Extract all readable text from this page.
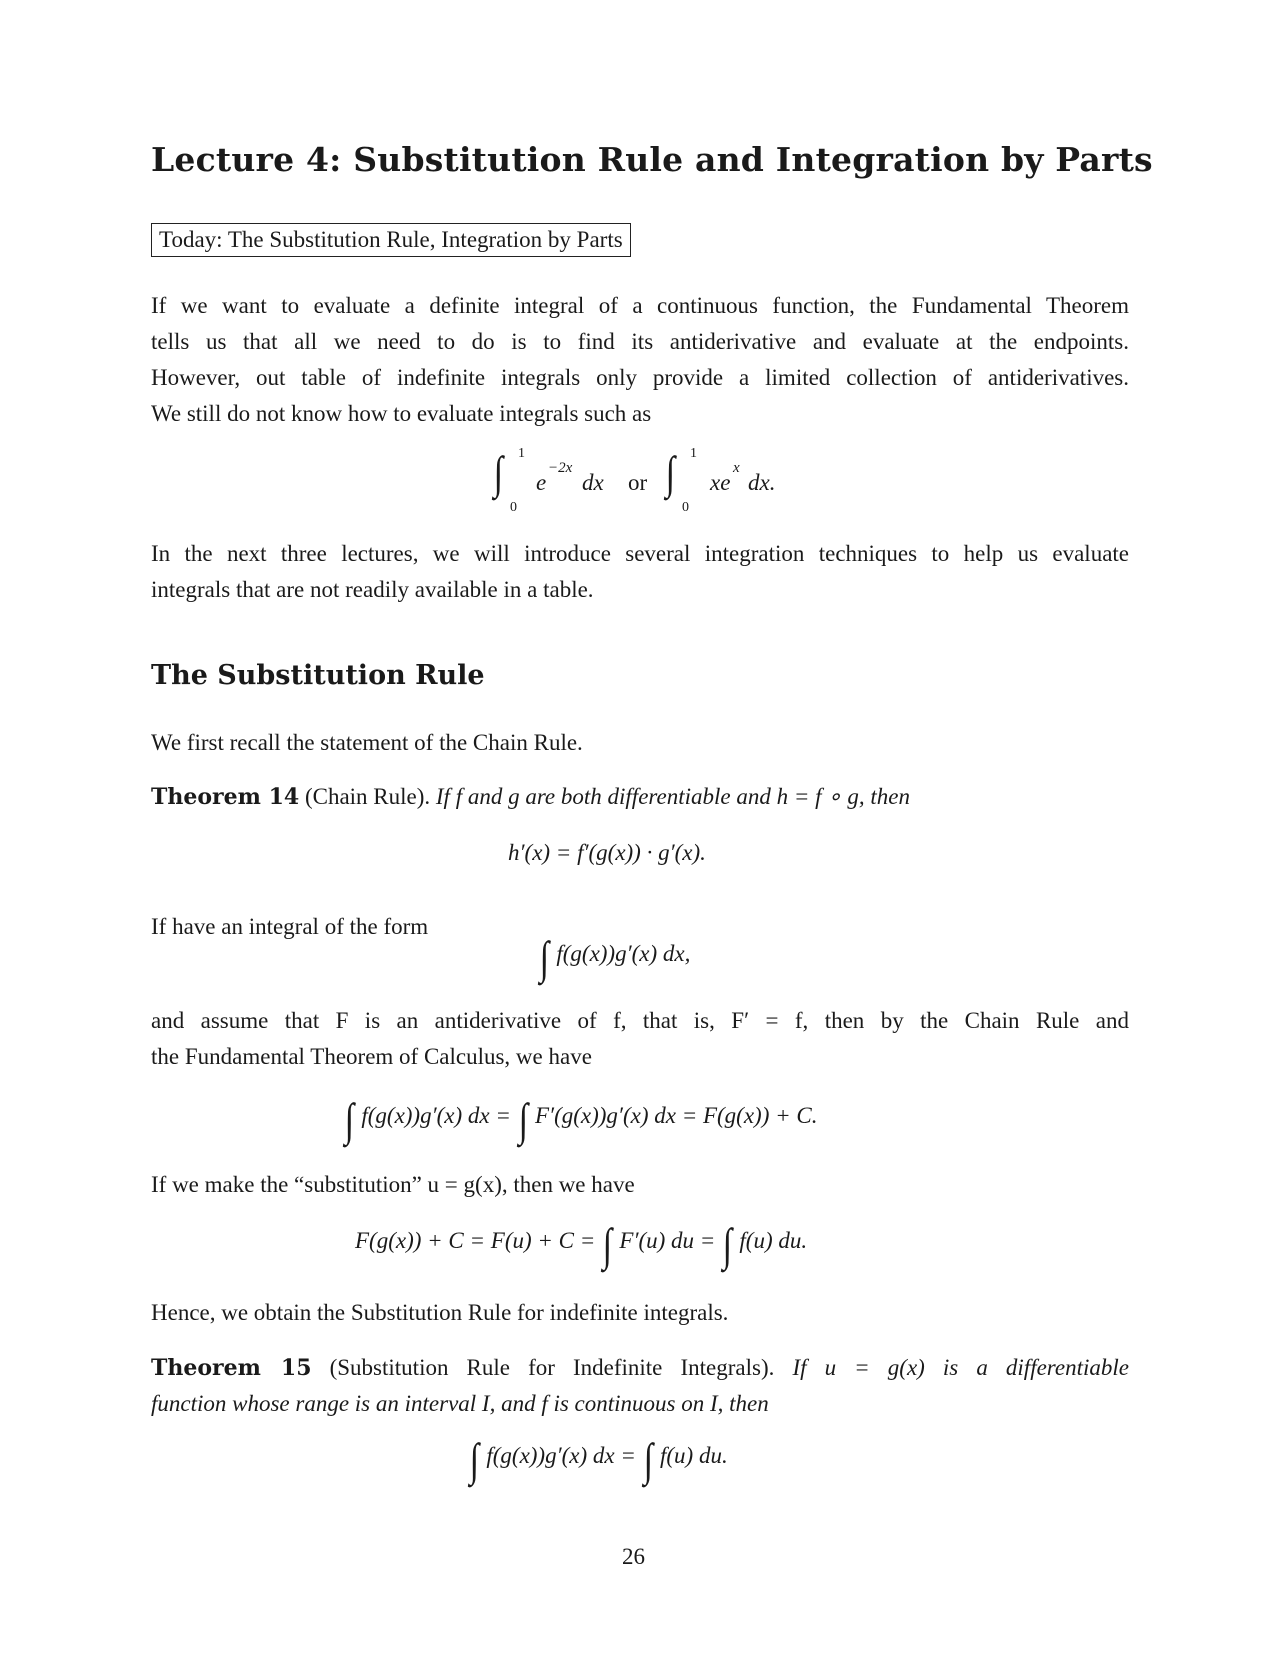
Lecture 4: Substitution Rule and Integration by Parts
Today: The Substitution Rule, Integration by Parts
If we want to evaluate a definite integral of a continuous function, the Fundamental Theorem
tells us that all we need to do is to find its antiderivative and evaluate at the endpoints.
However, out table of indefinite integrals only provide a limited collection of antiderivatives.
We still do not know how to evaluate integrals such as
∫ 1
0
e
−2x
dx or ∫ 1
0
xe
x
dx.
In the next three lectures, we will introduce several integration techniques to help us evaluate
integrals that are not readily available in a table.
The Substitution Rule
We first recall the statement of the Chain Rule.
Theorem 14 (Chain Rule). If f and g are both differentiable and h = f ∘ g, then
h′(x) = f′(g(x)) · g′(x).
If have an integral of the form
∫ f(g(x))g′(x) dx,
and assume that F is an antiderivative of f, that is, F′ = f, then by the Chain Rule and
the Fundamental Theorem of Calculus, we have
∫ f(g(x))g′(x) dx = ∫ F′(g(x))g′(x) dx = F(g(x)) + C.
If we make the “substitution” u = g(x), then we have
F(g(x)) + C = F(u) + C = ∫ F′(u) du = ∫ f(u) du.
Hence, we obtain the Substitution Rule for indefinite integrals.
Theorem 15 (Substitution Rule for Indefinite Integrals). If u = g(x) is a differentiable
function whose range is an interval I, and f is continuous on I, then
∫ f(g(x))g′(x) dx = ∫ f(u) du.
26
